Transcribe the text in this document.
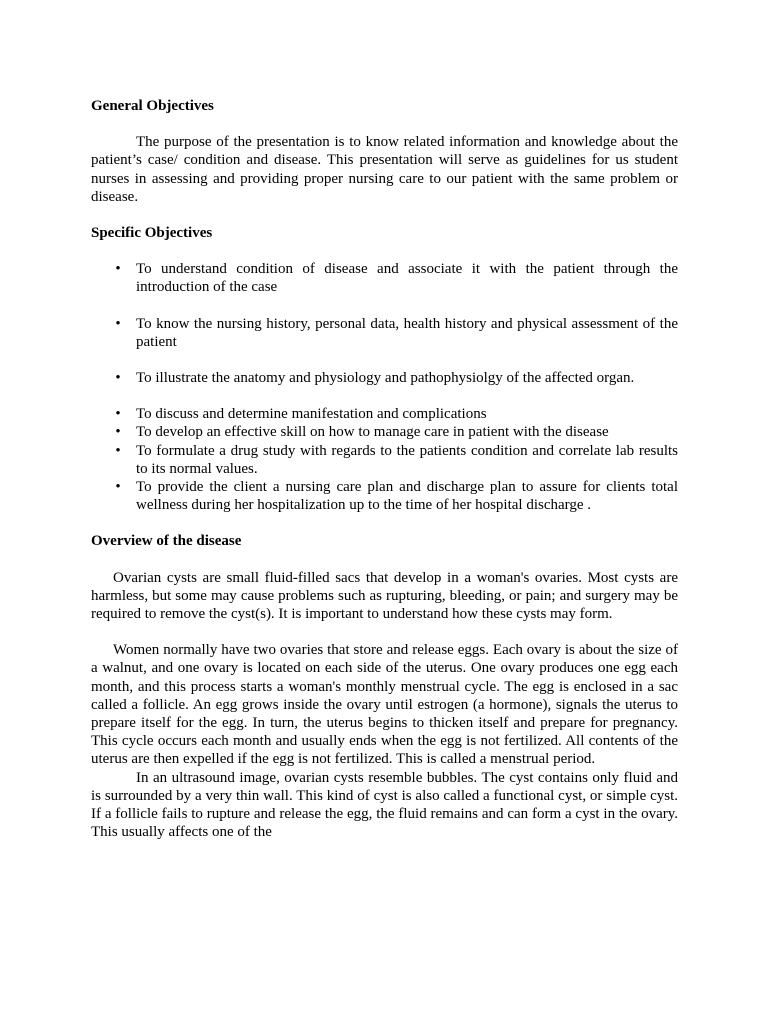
General Objectives

The purpose of the presentation is to know related information and knowledge about the patient’s case/ condition and disease. This presentation will serve as guidelines for us student nurses in assessing and providing proper nursing care to our patient with the same problem or disease.

Specific Objectives

• To understand condition of disease and associate it with the patient through the introduction of the case
• To know the nursing history, personal data, health history and physical assessment of the patient
• To illustrate the anatomy and physiology and pathophysiolgy of the affected organ.
• To discuss and determine manifestation and complications
• To develop an effective skill on how to manage care in patient with the disease
• To formulate a drug study with regards to the patients condition and correlate lab results to its normal values.
• To provide the client a nursing care plan and discharge plan to assure for clients total wellness during her hospitalization up to the time of her hospital discharge .

Overview of the disease

Ovarian cysts are small fluid-filled sacs that develop in a woman's ovaries. Most cysts are harmless, but some may cause problems such as rupturing, bleeding, or pain; and surgery may be required to remove the cyst(s). It is important to understand how these cysts may form.

Women normally have two ovaries that store and release eggs. Each ovary is about the size of a walnut, and one ovary is located on each side of the uterus. One ovary produces one egg each month, and this process starts a woman's monthly menstrual cycle. The egg is enclosed in a sac called a follicle. An egg grows inside the ovary until estrogen (a hormone), signals the uterus to prepare itself for the egg. In turn, the uterus begins to thicken itself and prepare for pregnancy. This cycle occurs each month and usually ends when the egg is not fertilized. All contents of the uterus are then expelled if the egg is not fertilized. This is called a menstrual period.

In an ultrasound image, ovarian cysts resemble bubbles. The cyst contains only fluid and is surrounded by a very thin wall. This kind of cyst is also called a functional cyst, or simple cyst. If a follicle fails to rupture and release the egg, the fluid remains and can form a cyst in the ovary. This usually affects one of the
